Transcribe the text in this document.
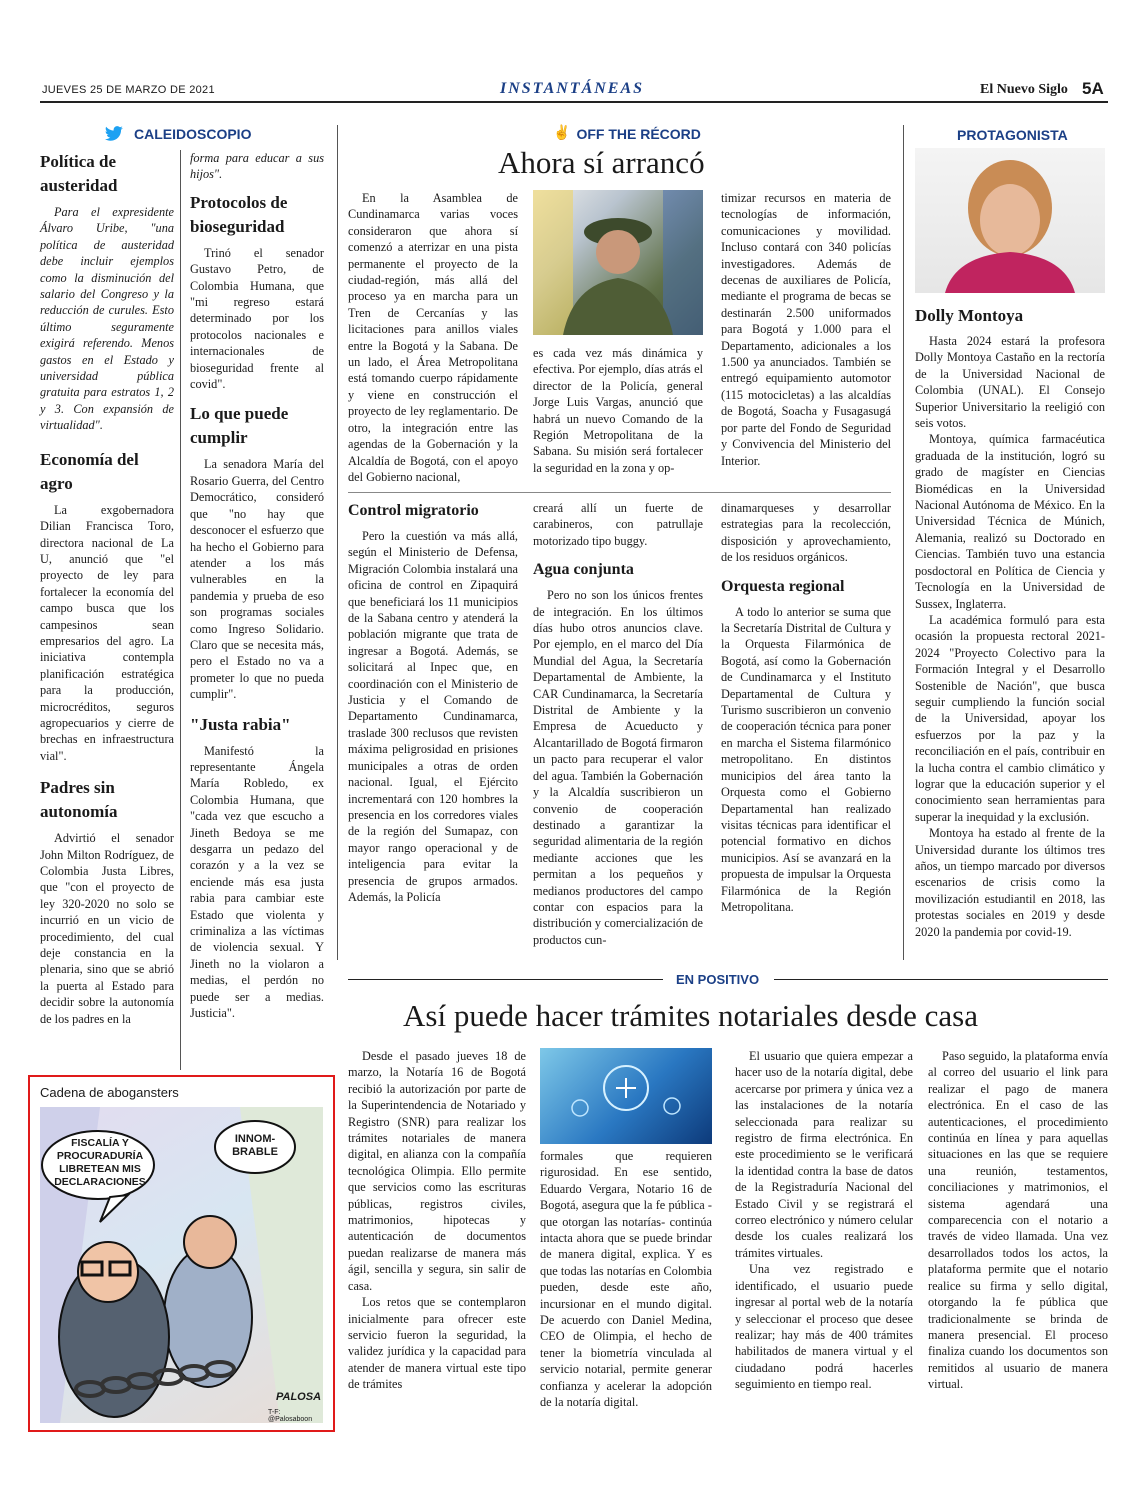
JUEVES 25 DE MARZO DE 2021	INSTANTÁNEAS	El Nuevo Siglo 5A
CALEIDOSCOPIO
Política de austeridad

Para el expresidente Álvaro Uribe, "una política de austeridad debe incluir ejemplos como la disminución del salario del Congreso y la reducción de curules. Esto último seguramente exigirá referendo. Menos gastos en el Estado y universidad pública gratuita para estratos 1, 2 y 3. Con expansión de virtualidad".

Economía del agro

La exgobernadora Dilian Francisca Toro, directora nacional de La U, anunció que "el proyecto de ley para fortalecer la economía del campo busca que los campesinos sean empresarios del agro. La iniciativa contempla planificación estratégica para la producción, microcréditos, seguros agropecuarios y cierre de brechas en infraestructura vial".

Padres sin autonomía

Advirtió el senador John Milton Rodríguez, de Colombia Justa Libres, que "con el proyecto de ley 320-2020 no solo se incurrió en un vicio de procedimiento, del cual deje constancia en la plenaria, sino que se abrió la puerta al Estado para decidir sobre la autonomía de los padres en la

forma para educar a sus hijos".

Protocolos de bioseguridad

Trinó el senador Gustavo Petro, de Colombia Humana, que "mi regreso estará determinado por los protocolos nacionales e internacionales de bioseguridad frente al covid".

Lo que puede cumplir

La senadora María del Rosario Guerra, del Centro Democrático, consideró que "no hay que desconocer el esfuerzo que ha hecho el Gobierno para atender a los más vulnerables en la pandemia y prueba de eso son programas sociales como Ingreso Solidario. Claro que se necesita más, pero el Estado no va a prometer lo que no pueda cumplir".

"Justa rabia"

Manifestó la representante Ángela María Robledo, ex Colombia Humana, que "cada vez que escucho a Jineth Bedoya se me desgarra un pedazo del corazón y a la vez se enciende más esa justa rabia para cambiar este Estado que violenta y criminaliza a las víctimas de violencia sexual. Y Jineth no la violaron a medias, el perdón no puede ser a medias. Justicia".

Cadena de abogansters
FISCALÍA Y PROCURADURÍA LIBRETEAN MIS DECLARACIONES
INNOM-BRABLE
PALOSA
T-F: @Palosaboon
✌ OFF THE RÉCORD
Ahora sí arrancó

En la Asamblea de Cundinamarca varias voces consideraron que ahora sí comenzó a aterrizar en una pista permanente el proyecto de la ciudad-región, más allá del proceso ya en marcha para un Tren de Cercanías y las licitaciones para anillos viales entre la Bogotá y la Sabana. De un lado, el Área Metropolitana está tomando cuerpo rápidamente y viene en construcción el proyecto de ley reglamentario. De otro, la integración entre las agendas de la Gobernación y la Alcaldía de Bogotá, con el apoyo del Gobierno nacional,

es cada vez más dinámica y efectiva. Por ejemplo, días atrás el director de la Policía, general Jorge Luis Vargas, anunció que habrá un nuevo Comando de la Región Metropolitana de la Sabana. Su misión será fortalecer la seguridad en la zona y op-

timizar recursos en materia de tecnologías de información, comunicaciones y movilidad. Incluso contará con 340 policías investigadores. Además de decenas de auxiliares de Policía, mediante el programa de becas se destinarán 2.500 uniformados para Bogotá y 1.000 para el Departamento, adicionales a los 1.500 ya anunciados. También se entregó equipamiento automotor (115 motocicletas) a las alcaldías de Bogotá, Soacha y Fusagasugá por parte del Fondo de Seguridad y Convivencia del Ministerio del Interior.

Control migratorio

Pero la cuestión va más allá, según el Ministerio de Defensa, Migración Colombia instalará una oficina de control en Zipaquirá que beneficiará los 11 municipios de la Sabana centro y atenderá la población migrante que trata de ingresar a Bogotá. Además, se solicitará al Inpec que, en coordinación con el Ministerio de Justicia y el Comando de Departamento Cundinamarca, traslade 300 reclusos que revisten máxima peligrosidad en prisiones municipales a otras de orden nacional. Igual, el Ejército incrementará con 120 hombres la presencia en los corredores viales de la región del Sumapaz, con mayor rango operacional y de inteligencia para evitar la presencia de grupos armados. Además, la Policía

creará allí un fuerte de carabineros, con patrullaje motorizado tipo buggy.

Agua conjunta

Pero no son los únicos frentes de integración. En los últimos días hubo otros anuncios clave. Por ejemplo, en el marco del Día Mundial del Agua, la Secretaría Departamental de Ambiente, la CAR Cundinamarca, la Secretaría Distrital de Ambiente y la Empresa de Acueducto y Alcantarillado de Bogotá firmaron un pacto para recuperar el valor del agua. También la Gobernación y la Alcaldía suscribieron un convenio de cooperación destinado a garantizar la seguridad alimentaria de la región mediante acciones que les permitan a los pequeños y medianos productores del campo contar con espacios para la distribución y comercialización de productos cun-

dinamarqueses y desarrollar estrategias para la recolección, disposición y aprovechamiento, de los residuos orgánicos.

Orquesta regional

A todo lo anterior se suma que la Secretaría Distrital de Cultura y la Orquesta Filarmónica de Bogotá, así como la Gobernación de Cundinamarca y el Instituto Departamental de Cultura y Turismo suscribieron un convenio de cooperación técnica para poner en marcha el Sistema filarmónico metropolitano. En distintos municipios del área tanto la Orquesta como el Gobierno Departamental han realizado visitas técnicas para identificar el potencial formativo en dichos municipios. Así se avanzará en la propuesta de impulsar la Orquesta Filarmónica de la Región Metropolitana.

PROTAGONISTA
Dolly Montoya

Hasta 2024 estará la profesora Dolly Montoya Castaño en la rectoría de la Universidad Nacional de Colombia (UNAL). El Consejo Superior Universitario la reeligió con seis votos.

Montoya, química farmacéutica graduada de la institución, logró su grado de magíster en Ciencias Biomédicas en la Universidad Nacional Autónoma de México. En la Universidad Técnica de Múnich, Alemania, realizó su Doctorado en Ciencias. También tuvo una estancia posdoctoral en Política de Ciencia y Tecnología en la Universidad de Sussex, Inglaterra.

La académica formuló para esta ocasión la propuesta rectoral 2021-2024 "Proyecto Colectivo para la Formación Integral y el Desarrollo Sostenible de Nación", que busca seguir cumpliendo la función social de la Universidad, apoyar los esfuerzos por la paz y la reconciliación en el país, contribuir en la lucha contra el cambio climático y lograr que la educación superior y el conocimiento sean herramientas para superar la inequidad y la exclusión.

Montoya ha estado al frente de la Universidad durante los últimos tres años, un tiempo marcado por diversos escenarios de crisis como la movilización estudiantil en 2018, las protestas sociales en 2019 y desde 2020 la pandemia por covid-19.

EN POSITIVO
Así puede hacer trámites notariales desde casa

Desde el pasado jueves 18 de marzo, la Notaría 16 de Bogotá recibió la autorización por parte de la Superintendencia de Notariado y Registro (SNR) para realizar los trámites notariales de manera digital, en alianza con la compañía tecnológica Olimpia. Ello permite que servicios como las escrituras públicas, registros civiles, matrimonios, hipotecas y autenticación de documentos puedan realizarse de manera más ágil, sencilla y segura, sin salir de casa.

Los retos que se contemplaron inicialmente para ofrecer este servicio fueron la seguridad, la validez jurídica y la capacidad para atender de manera virtual este tipo de trámites

formales que requieren rigurosidad. En ese sentido, Eduardo Vergara, Notario 16 de Bogotá, asegura que la fe pública -que otorgan las notarías- continúa intacta ahora que se puede brindar de manera digital, explica. Y es que todas las notarías en Colombia pueden, desde este año, incursionar en el mundo digital. De acuerdo con Daniel Medina, CEO de Olimpia, el hecho de tener la biometría vinculada al servicio notarial, permite generar confianza y acelerar la adopción de la notaría digital.

El usuario que quiera empezar a hacer uso de la notaría digital, debe acercarse por primera y única vez a las instalaciones de la notaría seleccionada para realizar su registro de firma electrónica. En este procedimiento se le verificará la identidad contra la base de datos de la Registraduría Nacional del Estado Civil y se registrará el correo electrónico y número celular desde los cuales realizará los trámites virtuales.

Una vez registrado e identificado, el usuario puede ingresar al portal web de la notaría y seleccionar el proceso que desee realizar; hay más de 400 trámites habilitados de manera virtual y el ciudadano podrá hacerles seguimiento en tiempo real.

Paso seguido, la plataforma envía al correo del usuario el link para realizar el pago de manera electrónica. En el caso de las autenticaciones, el procedimiento continúa en línea y para aquellas situaciones en las que se requiere una reunión, testamentos, conciliaciones y matrimonios, el sistema agendará una comparecencia con el notario a través de video llamada. Una vez desarrollados todos los actos, la plataforma permite que el notario realice su firma y sello digital, otorgando la fe pública que tradicionalmente se brinda de manera presencial. El proceso finaliza cuando los documentos son remitidos al usuario de manera virtual.
